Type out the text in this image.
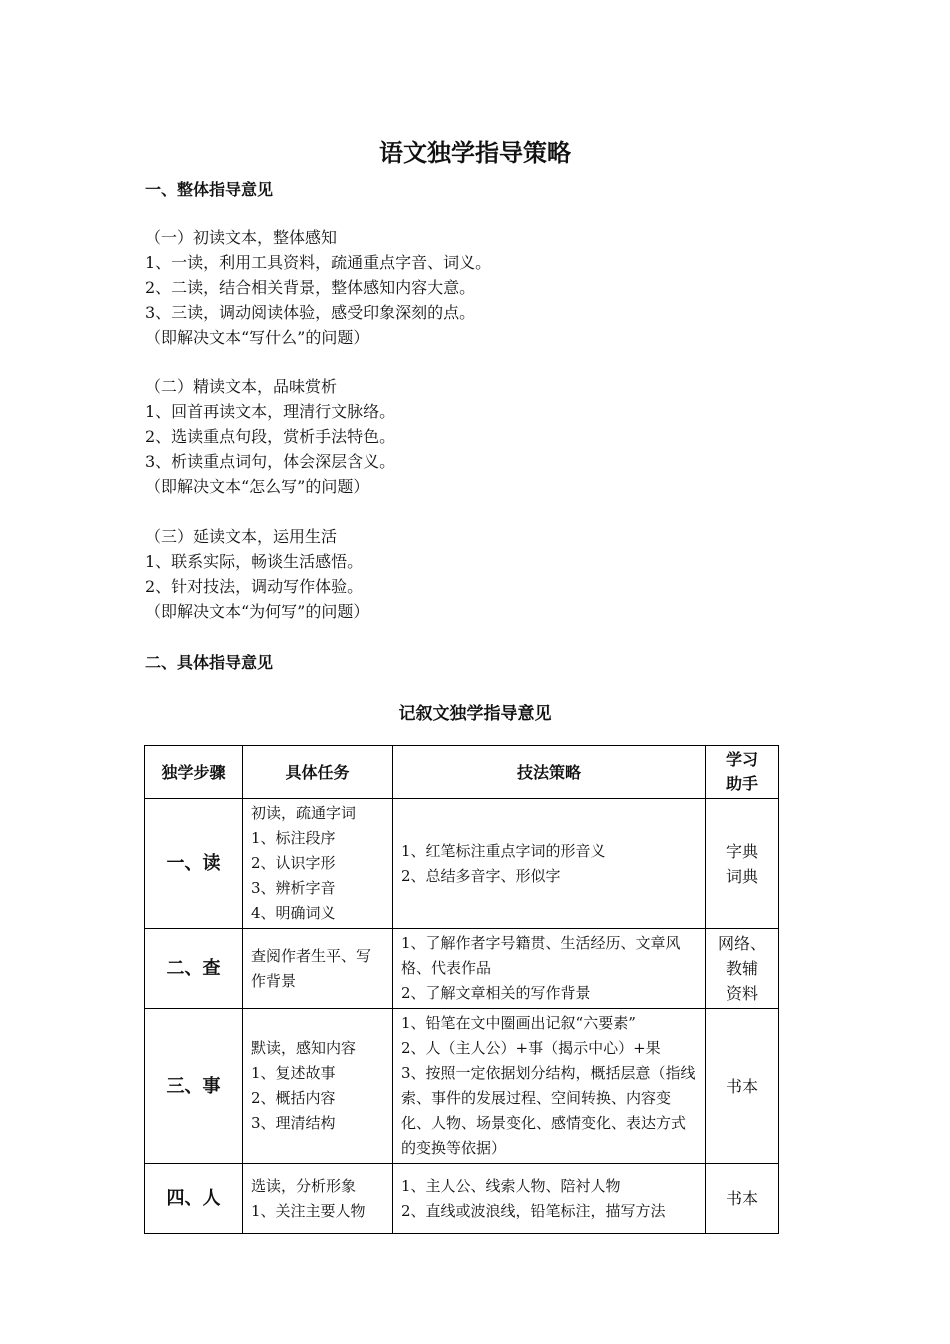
语文独学指导策略
一、整体指导意见
（一）初读文本，整体感知
1、一读，利用工具资料，疏通重点字音、词义。
2、二读，结合相关背景，整体感知内容大意。
3、三读，调动阅读体验，感受印象深刻的点。
（即解决文本“写什么”的问题）
（二）精读文本，品味赏析
1、回首再读文本，理清行文脉络。
2、选读重点句段，赏析手法特色。
3、析读重点词句，体会深层含义。
（即解决文本“怎么写”的问题）
（三）延读文本，运用生活
1、联系实际，畅谈生活感悟。
2、针对技法，调动写作体验。
（即解决文本“为何写”的问题）
二、具体指导意见
记叙文独学指导意见
独学步骤	具体任务	技法策略	学习
助手

一、读	初读，疏通字词
1、标注段序
2、认识字形
3、辨析字音
4、明确词义	1、红笔标注重点字词的形音义
2、总结多音字、形似字	字典
词典

二、查	查阅作者生平、写作背景	1、了解作者字号籍贯、生活经历、文章风格、代表作品
2、了解文章相关的写作背景	网络、
教辅
资料

三、事	默读，感知内容
1、复述故事
2、概括内容
3、理清结构	1、铅笔在文中圈画出记叙“六要素”
2、人（主人公）+事（揭示中心）+果
3、按照一定依据划分结构，概括层意（指线索、事件的发展过程、空间转换、内容变化、人物、场景变化、感情变化、表达方式的变换等依据）	书本

四、人	选读，分析形象
1、关注主要人物	1、主人公、线索人物、陪衬人物
2、直线或波浪线，铅笔标注，描写方法	书本
